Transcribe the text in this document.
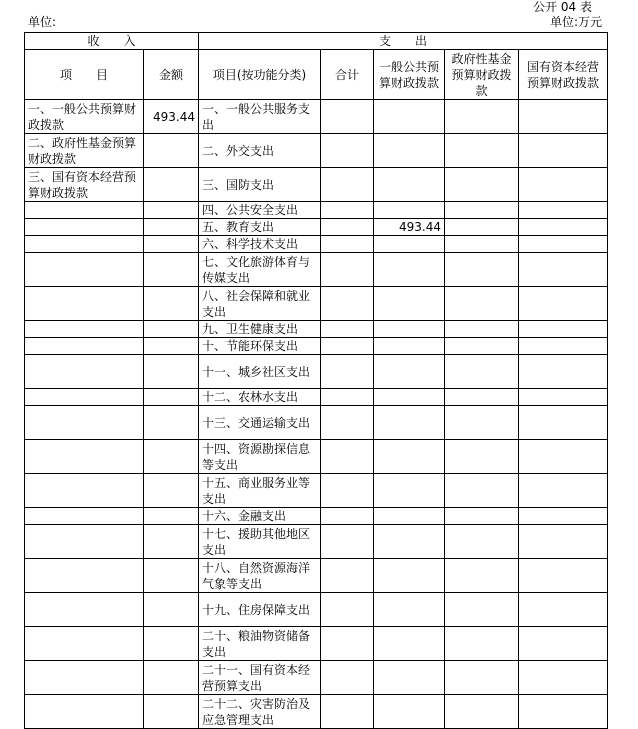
公开 04 表
单位:	单位:万元
收　　入		支　　出				
项　　目	金额	项目(按功能分类)	合计	一般公共预算财政拨款	政府性基金预算财政拨款	国有资本经营预算财政拨款
一、一般公共预算财政拨款	493.44	一、一般公共服务支出				
二、政府性基金预算财政拨款		二、外交支出				
三、国有资本经营预算财政拨款		三、国防支出				
		四、公共安全支出				
		五、教育支出		493.44		
		六、科学技术支出				
		七、文化旅游体育与传媒支出				
		八、社会保障和就业支出				
		九、卫生健康支出				
		十、节能环保支出				
		十一、城乡社区支出				
		十二、农林水支出				
		十三、交通运输支出				
		十四、资源勘探信息等支出				
		十五、商业服务业等支出				
		十六、金融支出				
		十七、援助其他地区支出				
		十八、自然资源海洋气象等支出				
		十九、住房保障支出				
		二十、粮油物资储备支出				
		二十一、国有资本经营预算支出				
		二十二、灾害防治及应急管理支出				
